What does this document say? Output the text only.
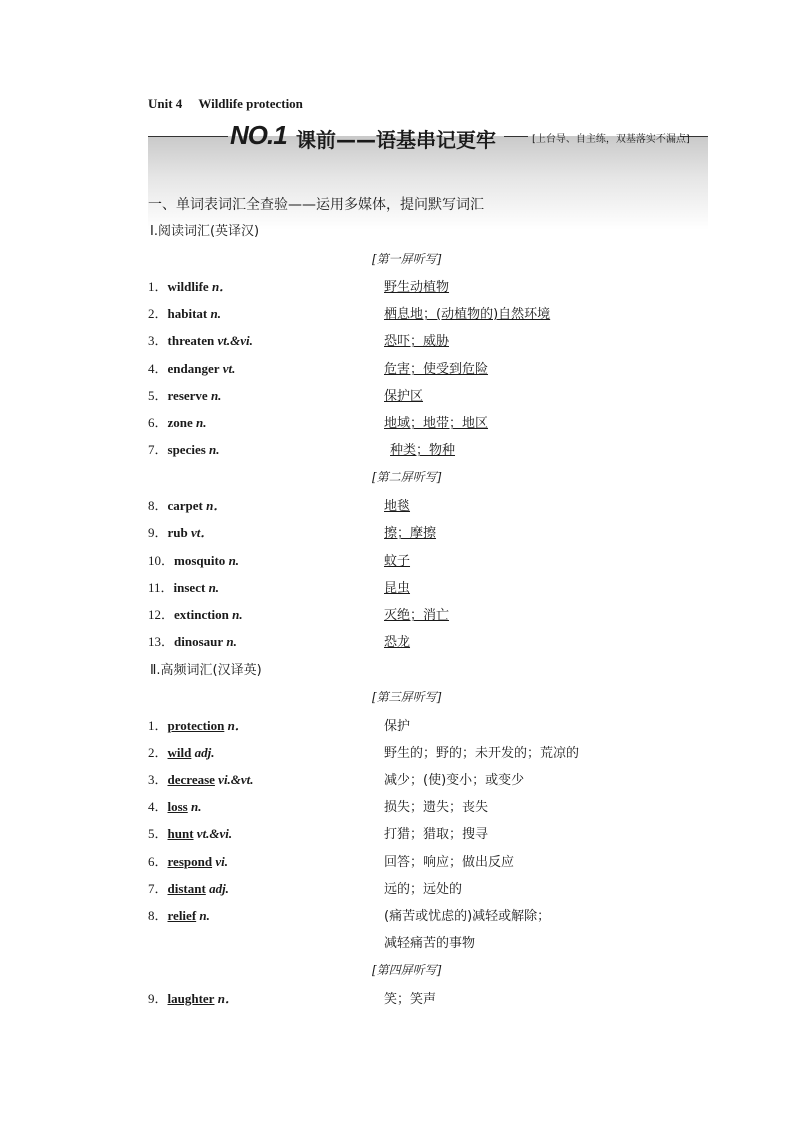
Unit 4 Wildlife protection
NO.1 课前——语基串记更牢	[上台导、自主练，双基落实不漏点]
一、单词表词汇全查验——运用多媒体，提问默写词汇
Ⅰ.阅读词汇(英译汉)
[第一屏听写]
1．wildlife n．	野生动植物
2．habitat n.	栖息地；(动植物的)自然环境
3．threaten vt.&vi.	恐吓；威胁
4．endanger vt.	危害；使受到危险
5．reserve n.	保护区
6．zone n.	地域；地带；地区
7．species n.	种类；物种
[第二屏听写]
8．carpet n．	地毯
9．rub vt．	擦；摩擦
10．mosquito n.	蚊子
11．insect n.	昆虫
12．extinction n.	灭绝；消亡
13．dinosaur n.	恐龙
Ⅱ.高频词汇(汉译英)
[第三屏听写]
1．protection n．	保护
2．wild adj.	野生的；野的；未开发的；荒凉的
3．decrease vi.&vt.	减少；(使)变小；或变少
4．loss n.	损失；遗失；丧失
5．hunt vt.&vi.	打猎；猎取；搜寻
6．respond vi.	回答；响应；做出反应
7．distant adj.	远的；远处的
8．relief n.	(痛苦或忧虑的)减轻或解除；
减轻痛苦的事物
[第四屏听写]
9．laughter n．	笑；笑声
